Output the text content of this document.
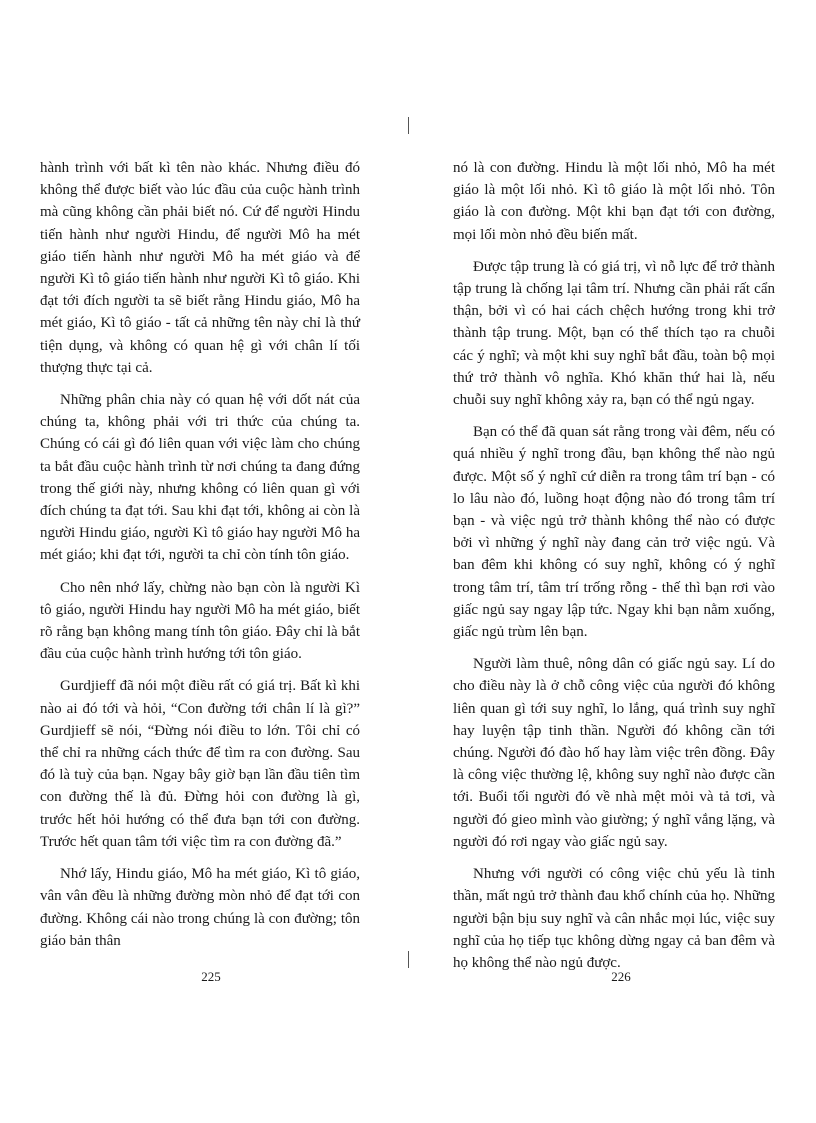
hành trình với bất kì tên nào khác. Nhưng điều đó không thể được biết vào lúc đầu của cuộc hành trình mà cũng không cần phải biết nó. Cứ để người Hindu tiến hành như người Hindu, để người Mô ha mét giáo tiến hành như người Mô ha mét giáo và để người Kì tô giáo tiến hành như người Kì tô giáo. Khi đạt tới đích người ta sẽ biết rằng Hindu giáo, Mô ha mét giáo, Kì tô giáo - tất cả những tên này chỉ là thứ tiện dụng, và không có quan hệ gì với chân lí tối thượng thực tại cả.

Những phân chia này có quan hệ với dốt nát của chúng ta, không phải với tri thức của chúng ta. Chúng có cái gì đó liên quan với việc làm cho chúng ta bắt đầu cuộc hành trình từ nơi chúng ta đang đứng trong thế giới này, nhưng không có liên quan gì với đích chúng ta đạt tới. Sau khi đạt tới, không ai còn là người Hindu giáo, người Kì tô giáo hay người Mô ha mét giáo; khi đạt tới, người ta chỉ còn tính tôn giáo.

Cho nên nhớ lấy, chừng nào bạn còn là người Kì tô giáo, người Hindu hay người Mô ha mét giáo, biết rõ rằng bạn không mang tính tôn giáo. Đây chỉ là bắt đầu của cuộc hành trình hướng tới tôn giáo.

Gurdjieff đã nói một điều rất có giá trị. Bất kì khi nào ai đó tới và hỏi, “Con đường tới chân lí là gì?” Gurdjieff sẽ nói, “Đừng nói điều to lớn. Tôi chỉ có thể chỉ ra những cách thức để tìm ra con đường. Sau đó là tuỳ của bạn. Ngay bây giờ bạn lần đầu tiên tìm con đường thế là đủ. Đừng hỏi con đường là gì, trước hết hỏi hướng có thể đưa bạn tới con đường. Trước hết quan tâm tới việc tìm ra con đường đã.”

Nhớ lấy, Hindu giáo, Mô ha mét giáo, Kì tô giáo, vân vân đều là những đường mòn nhỏ để đạt tới con đường. Không cái nào trong chúng là con đường; tôn giáo bản thân

nó là con đường. Hindu là một lối nhỏ, Mô ha mét giáo là một lối nhỏ. Kì tô giáo là một lối nhỏ. Tôn giáo là con đường. Một khi bạn đạt tới con đường, mọi lối mòn nhỏ đều biến mất.

Được tập trung là có giá trị, vì nỗ lực để trở thành tập trung là chống lại tâm trí. Nhưng cần phải rất cẩn thận, bởi vì có hai cách chệch hướng trong khi trở thành tập trung. Một, bạn có thể thích tạo ra chuỗi các ý nghĩ; và một khi suy nghĩ bắt đầu, toàn bộ mọi thứ trở thành vô nghĩa. Khó khăn thứ hai là, nếu chuỗi suy nghĩ không xảy ra, bạn có thể ngủ ngay.

Bạn có thể đã quan sát rằng trong vài đêm, nếu có quá nhiều ý nghĩ trong đầu, bạn không thể nào ngủ được. Một số ý nghĩ cứ diễn ra trong tâm trí bạn - có lo lâu nào đó, luồng hoạt động nào đó trong tâm trí bạn - và việc ngủ trở thành không thể nào có được bởi vì những ý nghĩ này đang cản trở việc ngủ. Và ban đêm khi không có suy nghĩ, không có ý nghĩ trong tâm trí, tâm trí trống rỗng - thế thì bạn rơi vào giấc ngủ say ngay lập tức. Ngay khi bạn nằm xuống, giấc ngủ trùm lên bạn.

Người làm thuê, nông dân có giấc ngủ say. Lí do cho điều này là ở chỗ công việc của người đó không liên quan gì tới suy nghĩ, lo lắng, quá trình suy nghĩ hay luyện tập tinh thần. Người đó không cần tới chúng. Người đó đào hố hay làm việc trên đồng. Đây là công việc thường lệ, không suy nghĩ nào được cần tới. Buổi tối người đó về nhà mệt mỏi và tả tơi, và người đó gieo mình vào giường; ý nghĩ vắng lặng, và người đó rơi ngay vào giấc ngủ say.

Nhưng với người có công việc chủ yếu là tinh thần, mất ngủ trở thành đau khổ chính của họ. Những người bận bịu suy nghĩ và cân nhắc mọi lúc, việc suy nghĩ của họ tiếp tục không dừng ngay cả ban đêm và họ không thể nào ngủ được.

225	226
